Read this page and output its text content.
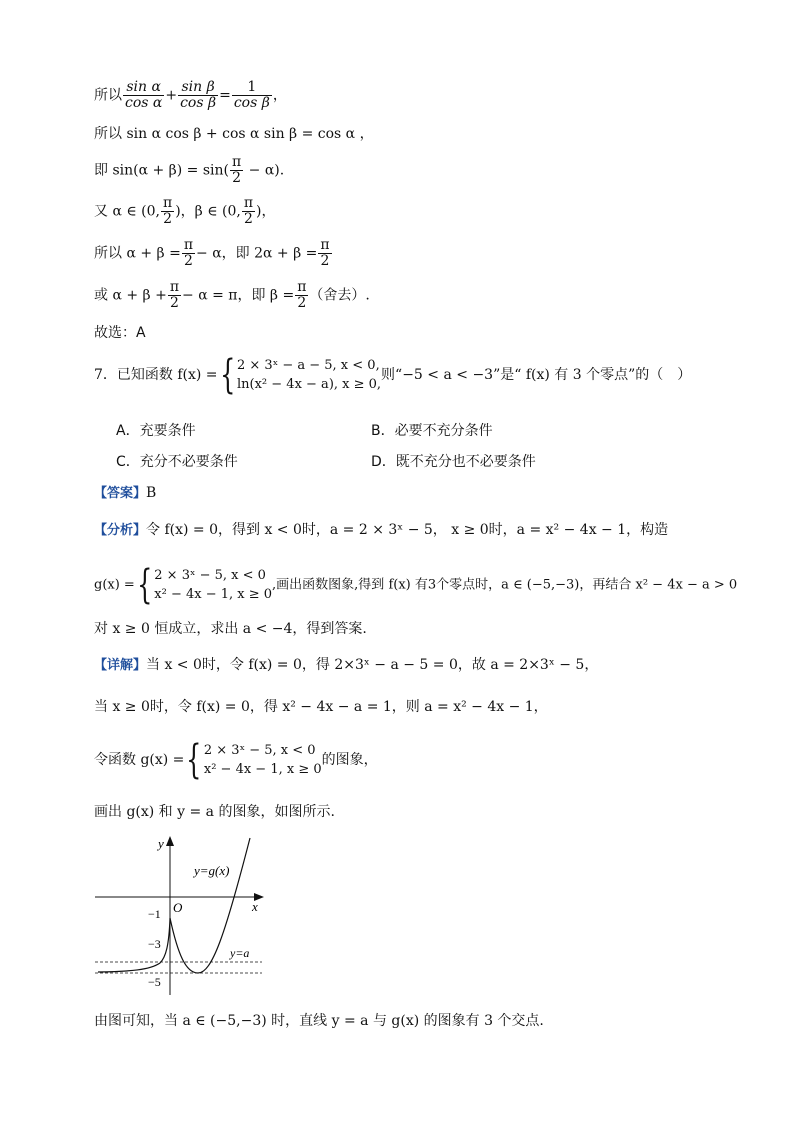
所以 $\frac{\text{sin α}}{\text{cos α}} + \frac{\text{sin β}}{\text{cos β}} = \frac{1}{\text{cos β}}$ ，
所以 sin α cos β + cos α sin β = cos α ，
即 $\sin(\alpha + \beta) = \sin( \frac{\pi}{2} - \alpha)$.
又 α ∈ (0, $\frac{\pi}{2}$ )，β ∈ (0, $\frac{\pi}{2}$ )，
所以 $\alpha + \beta = \frac{\pi}{2} - \alpha$，即 $2\alpha + \beta = \frac{\pi}{2}$
或 $\alpha + \beta + \frac{\pi}{2} - \alpha = \pi$，即 $\beta = \frac{\pi}{2}$ （舍去）.
故选：A
7．已知函数 f(x) ={ 2 × 3ˣ − a − 5, x < 0,
ln(x² − 4x − a), x ≥ 0,
则“−5 < a < −3”是“ f(x) 有 3 个零点”的（　）
A．充要条件	B．必要不充分条件
C．充分不必要条件	D．既不充分也不必要条件
【答案】B
【分析】令 f(x) = 0，得到 x < 0时，a = 2 × 3ˣ − 5， x ≥ 0时，a = x² − 4x − 1，构造
g(x) ={ 2 × 3ˣ − 5, x < 0
x² − 4x − 1, x ≥ 0
,画出函数图象,得到 f(x) 有3个零点时，a ∈ (−5,−3)，再结合 x² − 4x − a > 0
对 x ≥ 0 恒成立，求出 a < −4，得到答案.
【详解】当 x < 0时，令 f(x) = 0，得 2×3ˣ − a − 5 = 0，故 a = 2×3ˣ − 5，
当 x ≥ 0时，令 f(x) = 0，得 x² − 4x − a = 1，则 a = x² − 4x − 1，
令函数 g(x) ={ 2 × 3ˣ − 5, x < 0
x² − 4x − 1, x ≥ 0
的图象，
画出 g(x) 和 y = a 的图象，如图所示.
y
x
O
y=g(x)
y=a
−1
−3
−5
由图可知，当 a ∈ (−5,−3) 时，直线 y = a 与 g(x) 的图象有 3 个交点.
